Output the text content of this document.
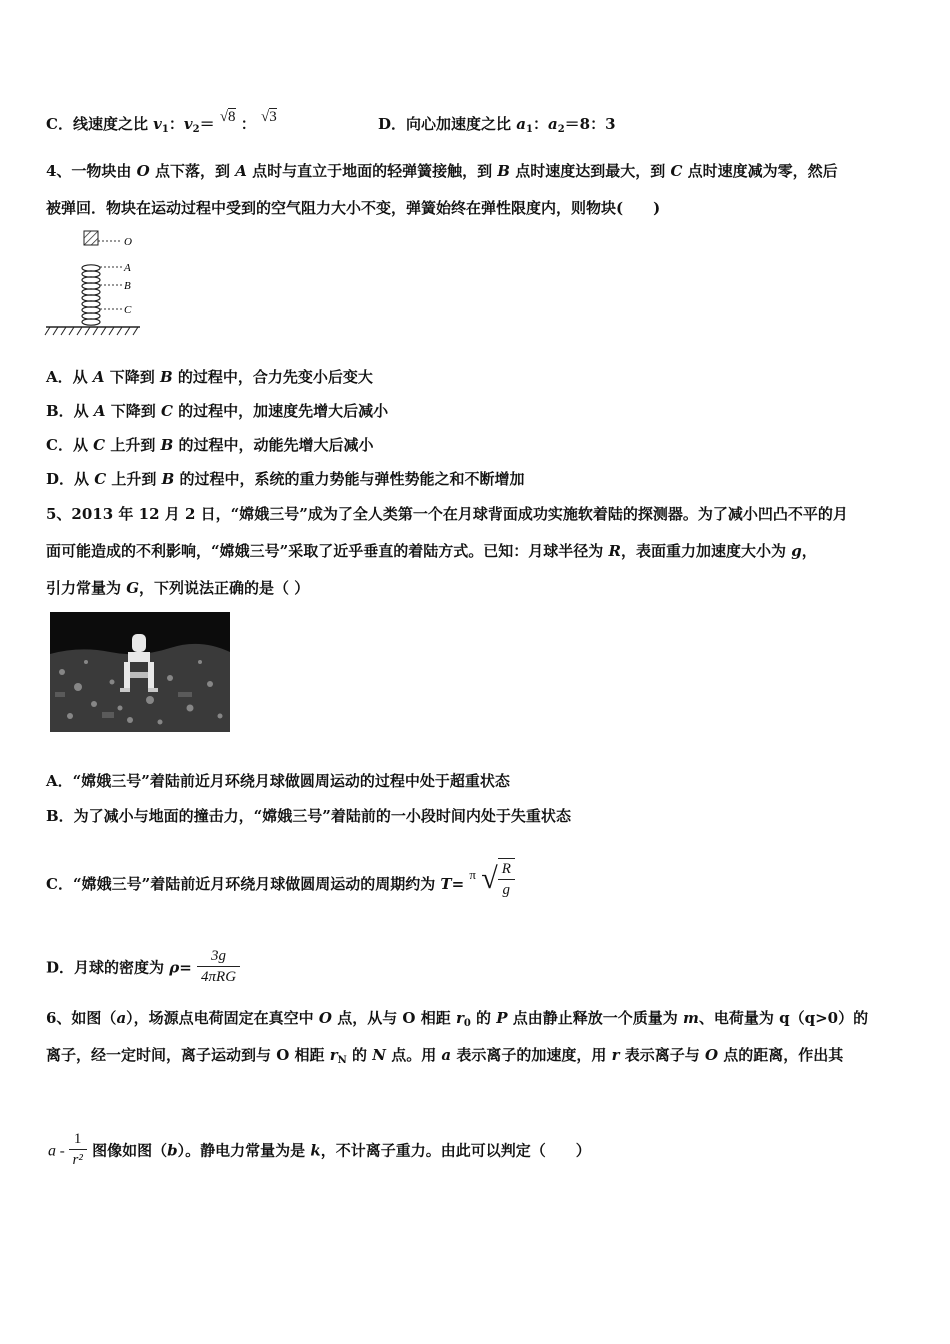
C．线速度之比 $v_1$：$v_2= √8$ ： √3	D．向心加速度之比 $a_1$：$a_2=8$：3
4、一物块由 O 点下落，到 A 点时与直立于地面的轻弹簧接触，到 B 点时速度达到最大，到 C 点时速度减为零，然后
被弹回．物块在运动过程中受到的空气阻力大小不变，弹簧始终在弹性限度内，则物块(　　)
O
A
B
C
A．从 A 下降到 B 的过程中，合力先变小后变大
B．从 A 下降到 C 的过程中，加速度先增大后减小
C．从 C 上升到 B 的过程中，动能先增大后减小
D．从 C 上升到 B 的过程中，系统的重力势能与弹性势能之和不断增加
5、2013 年 12 月 2 日，“嫦娥三号”成为了全人类第一个在月球背面成功实施软着陆的探测器。为了减小凹凸不平的月
面可能造成的不利影响，“嫦娥三号”采取了近乎垂直的着陆方式。已知：月球半径为 R，表面重力加速度大小为 g，
引力常量为 G，下列说法正确的是（ ）
A．“嫦娥三号”着陆前近月环绕月球做圆周运动的过程中处于超重状态
B．为了减小与地面的撞击力，“嫦娥三号”着陆前的一小段时间内处于失重状态
C．“嫦娥三号”着陆前近月环绕月球做圆周运动的周期约为 T= π √ $\frac{R}{g}$
D．月球的密度为 $\rho= \frac{3g}{\text{4πRG}}$
6、如图（a），场源点电荷固定在真空中 O 点，从与 O 相距 $r_0$ 的 P 点由静止释放一个质量为 m、电荷量为 q（q>0）的
离子，经一定时间，离子运动到与 O 相距 $r_N$ 的 N 点。用 a 表示离子的加速度，用 r 表示离子与 O 点的距离，作出其
a - $\frac{1}{\text{r²}}$ 图像如图（b）。静电力常量为是 k，不计离子重力。由此可以判定（　　）
